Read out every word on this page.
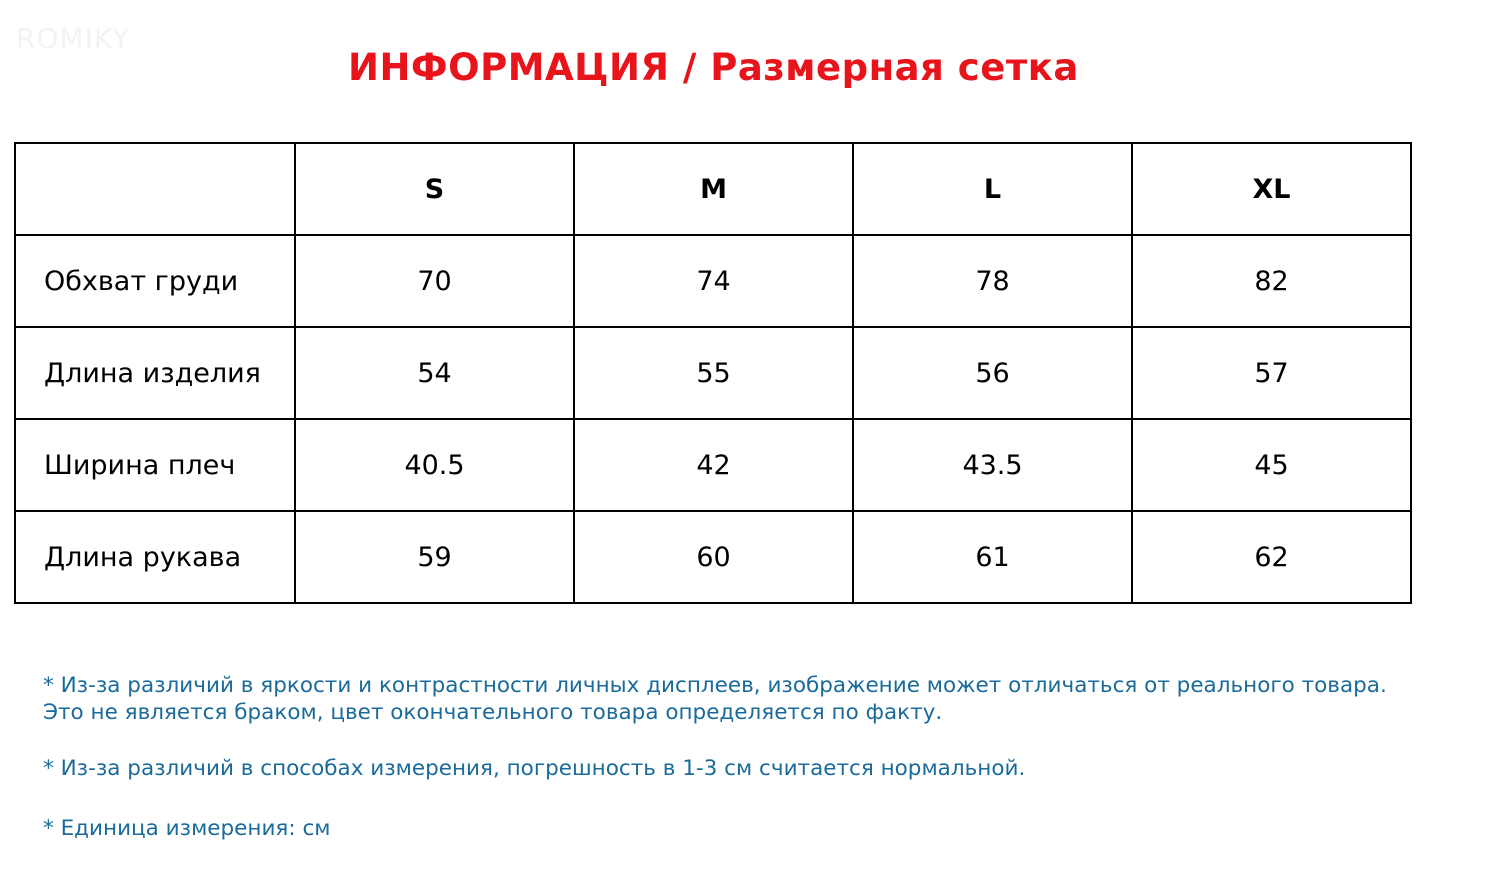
ROMIKY
ИНФОРМАЦИЯ / Размерная сетка
	S	M	L	XL
Обхват груди	70	74	78	82
Длина изделия	54	55	56	57
Ширина плеч	40.5	42	43.5	45
Длина рукава	59	60	61	62

* Из-за различий в яркости и контрастности личных дисплеев, изображение может отличаться от реального товара.

Это не является браком, цвет окончательного товара определяется по факту.

* Из-за различий в способах измерения, погрешность в 1-3 см считается нормальной.

* Единица измерения: см
